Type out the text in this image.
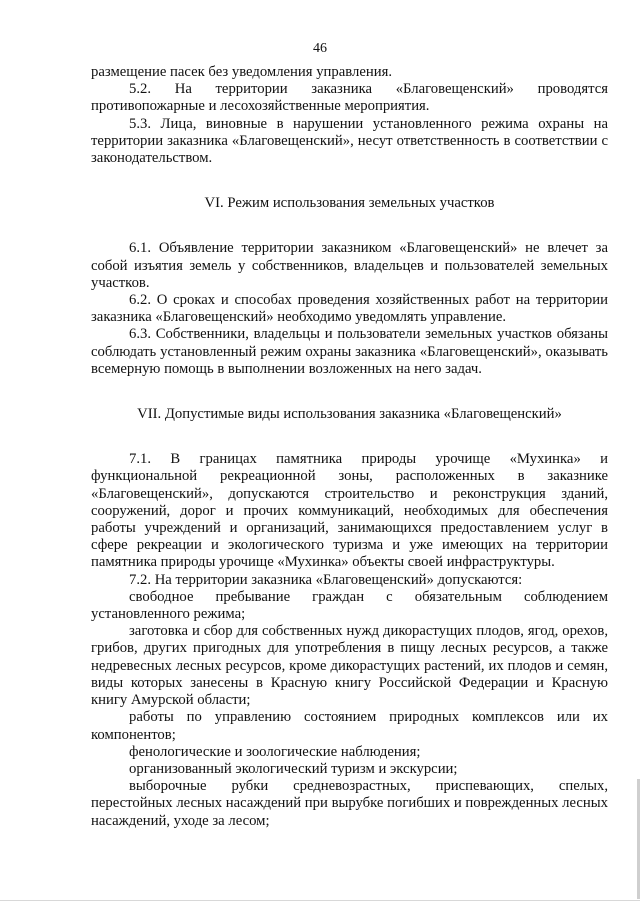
46

размещение пасек без уведомления управления.

5.2. На территории заказника «Благовещенский» проводятся противопожарные и лесохозяйственные мероприятия.

5.3. Лица, виновные в нарушении установленного режима охраны на территории заказника «Благовещенский», несут ответственность в соответствии с законодательством.

VI. Режим использования земельных участков

6.1. Объявление территории заказником «Благовещенский» не влечет за собой изъятия земель у собственников, владельцев и пользователей земельных участков.

6.2. О сроках и способах проведения хозяйственных работ на территории заказника «Благовещенский» необходимо уведомлять управление.

6.3. Собственники, владельцы и пользователи земельных участков обязаны соблюдать установленный режим охраны заказника «Благовещенский», оказывать всемерную помощь в выполнении возложенных на него задач.

VII. Допустимые виды использования заказника «Благовещенский»

7.1. В границах памятника природы урочище «Мухинка» и функциональной рекреационной зоны, расположенных в заказнике «Благовещенский», допускаются строительство и реконструкция зданий, сооружений, дорог и прочих коммуникаций, необходимых для обеспечения работы учреждений и организаций, занимающихся предоставлением услуг в сфере рекреации и экологического туризма и уже имеющих на территории памятника природы урочище «Мухинка» объекты своей инфраструктуры.

7.2. На территории заказника «Благовещенский» допускаются:

свободное пребывание граждан с обязательным соблюдением установленного режима;

заготовка и сбор для собственных нужд дикорастущих плодов, ягод, орехов, грибов, других пригодных для употребления в пищу лесных ресурсов, а также недревесных лесных ресурсов, кроме дикорастущих растений, их плодов и семян, виды которых занесены в Красную книгу Российской Федерации и Красную книгу Амурской области;

работы по управлению состоянием природных комплексов или их компонентов;

фенологические и зоологические наблюдения;

организованный экологический туризм и экскурсии;

выборочные рубки средневозрастных, приспевающих, спелых, перестойных лесных насаждений при вырубке погибших и поврежденных лесных насаждений, уходе за лесом;
